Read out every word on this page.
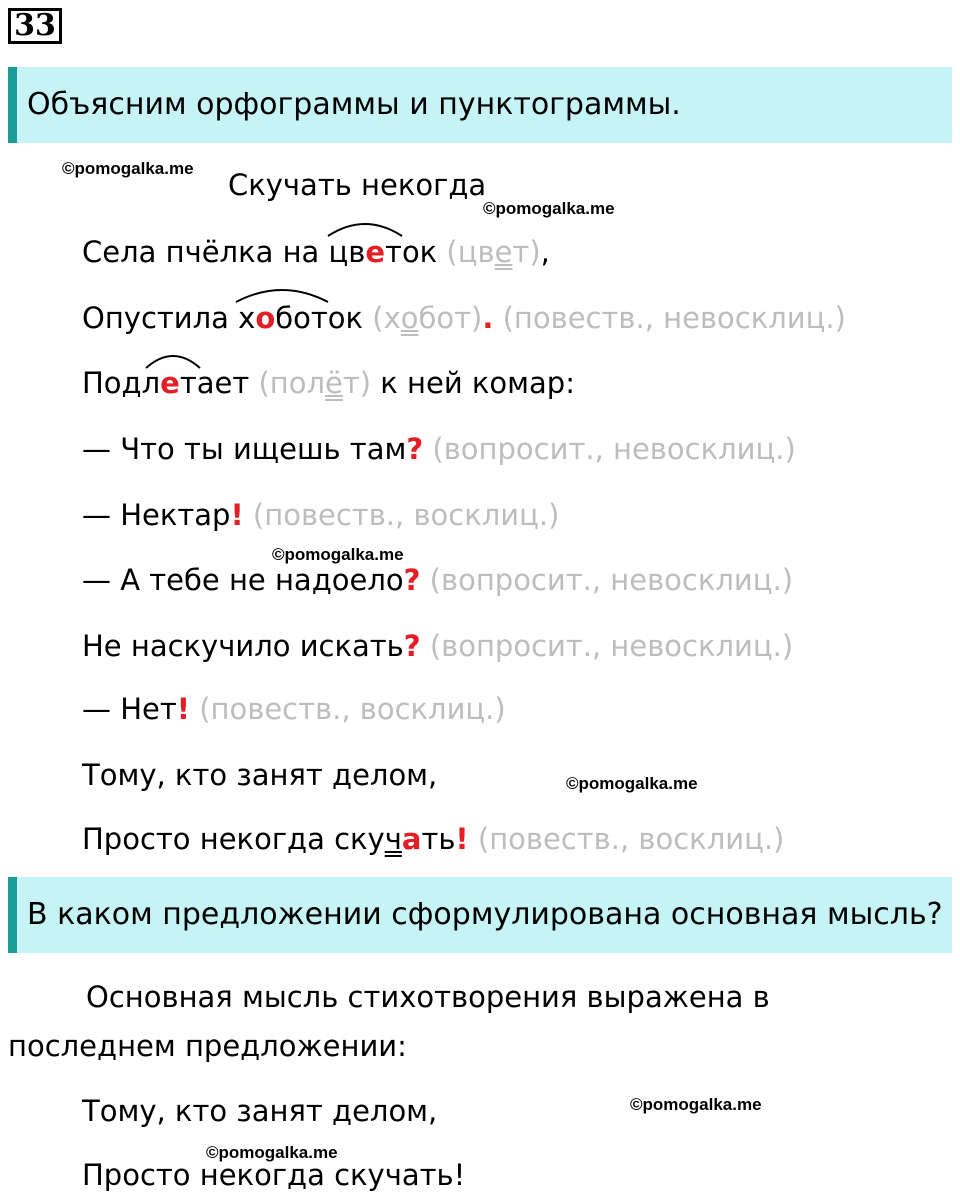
33
Объясним орфограммы и пунктограммы.
©pomogalka.me Скучать некогда
©pomogalka.me
Села пчёлка на цветок (цвет),
Опустила хоботок (хобот). (повеств., невосклиц.)
Подлетает (полёт) к ней комар:
— Что ты ищешь там? (вопросит., невосклиц.)
— Нектар! (повеств., восклиц.)
©pomogalka.me
— А тебе не надоело? (вопросит., невосклиц.)
Не наскучило искать? (вопросит., невосклиц.)
— Нет! (повеств., восклиц.)
Тому, кто занят делом,	©pomogalka.me
Просто некогда скучать! (повеств., восклиц.)
В каком предложении сформулирована основная мысль?
Основная мысль стихотворения выражена в
последнем предложении:
Тому, кто занят делом,	©pomogalka.me
©pomogalka.me
Просто некогда скучать!
